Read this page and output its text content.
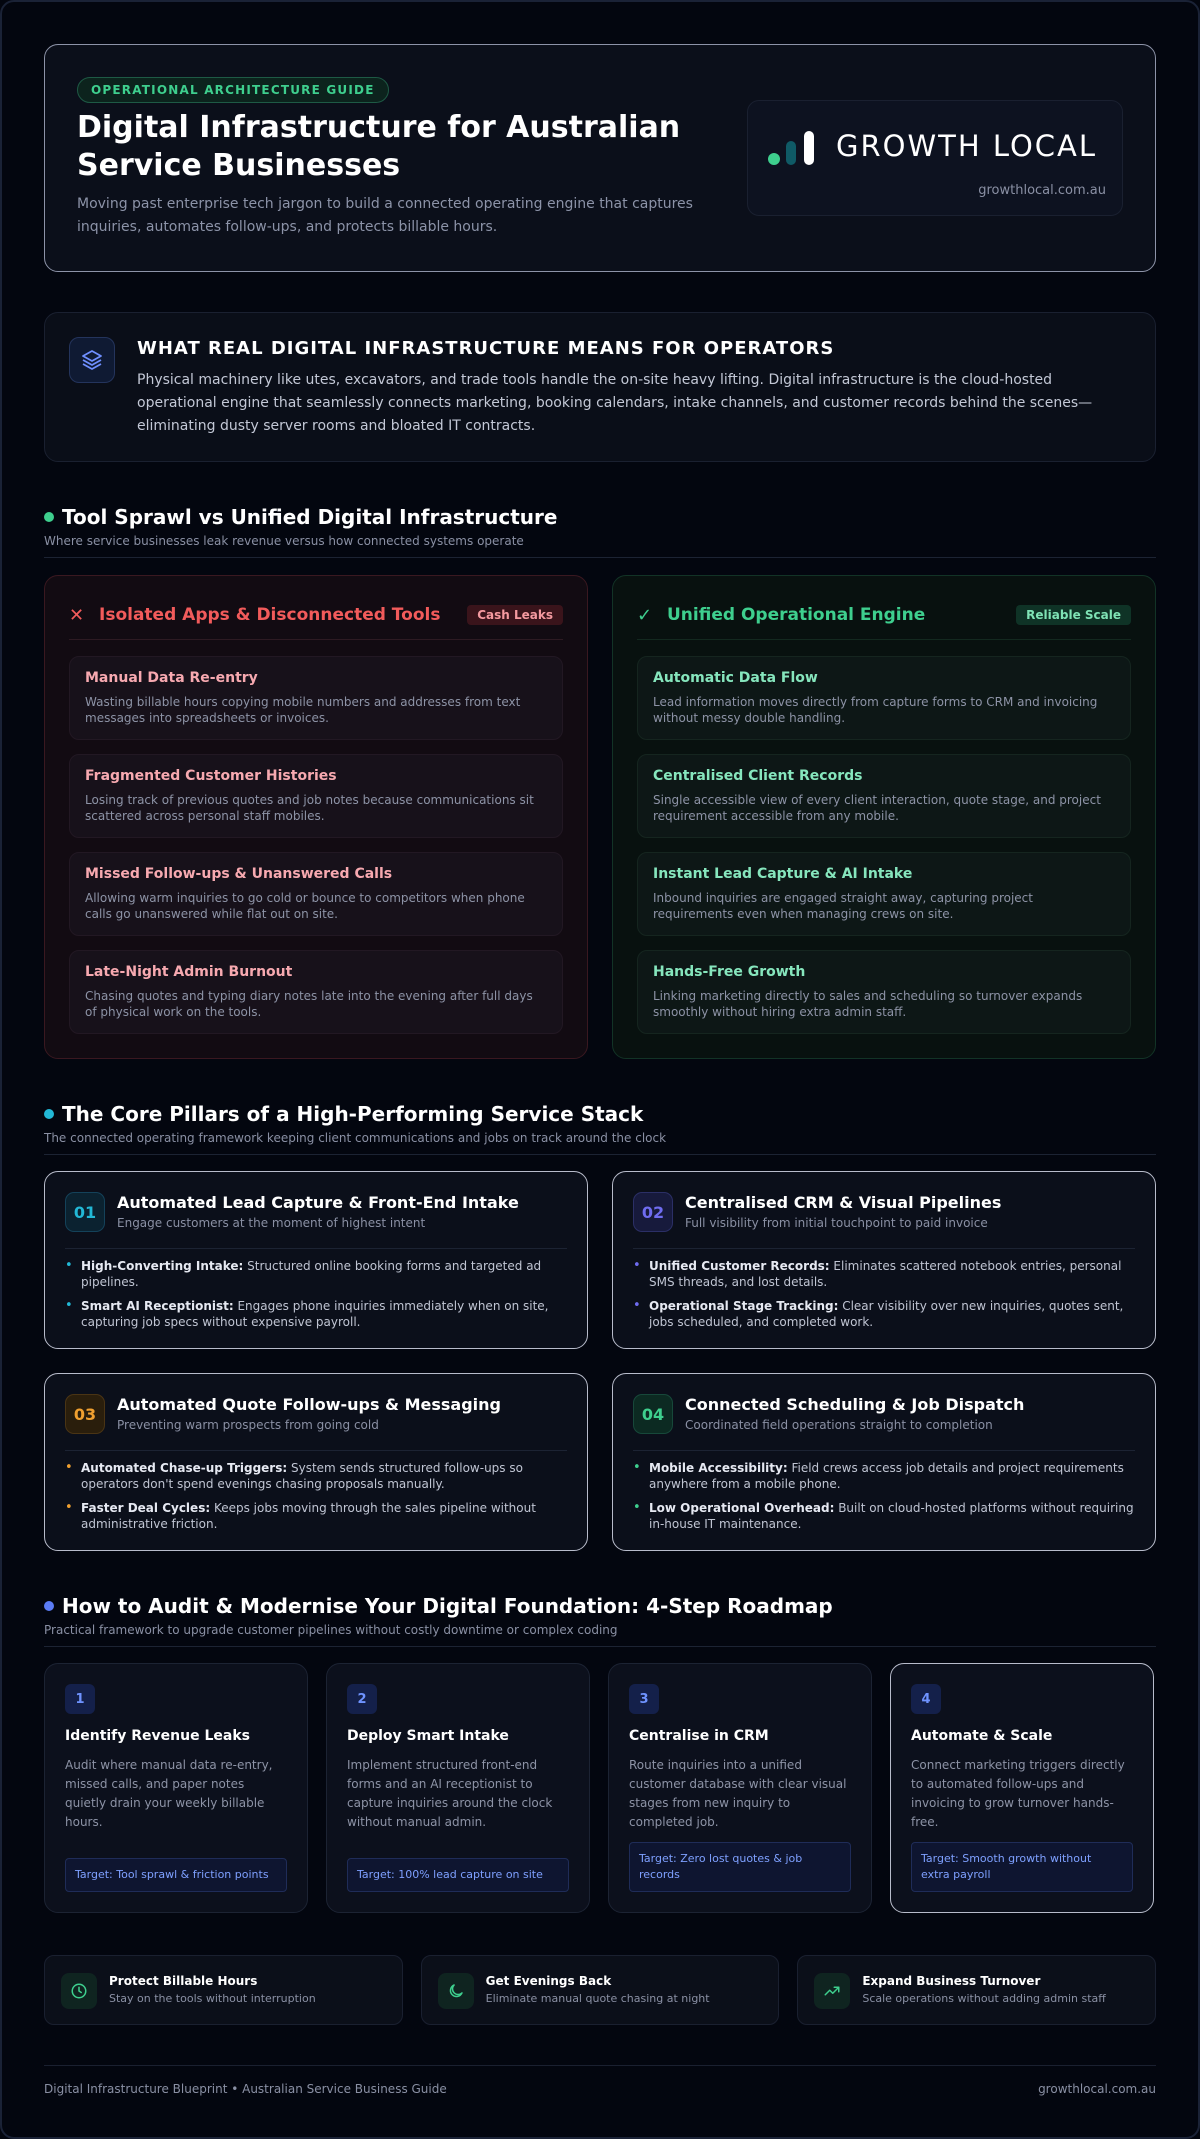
OPERATIONAL ARCHITECTURE GUIDE
Digital Infrastructure for Australian Service Businesses

Moving past enterprise tech jargon to build a connected operating engine that captures inquiries, automates follow-ups, and protects billable hours.

GROWTH LOCAL
growthlocal.com.au
WHAT REAL DIGITAL INFRASTRUCTURE MEANS FOR OPERATORS

Physical machinery like utes, excavators, and trade tools handle the on-site heavy lifting. Digital infrastructure is the cloud-hosted operational engine that seamlessly connects marketing, booking calendars, intake channels, and customer records behind the scenes—eliminating dusty server rooms and bloated IT contracts.

Tool Sprawl vs Unified Digital Infrastructure
Where service businesses leak revenue versus how connected systems operate
✕ Isolated Apps & Disconnected Tools	Cash Leaks
Manual Data Re-entry
Wasting billable hours copying mobile numbers and addresses from text messages into spreadsheets or invoices.
Fragmented Customer Histories
Losing track of previous quotes and job notes because communications sit scattered across personal staff mobiles.
Missed Follow-ups & Unanswered Calls
Allowing warm inquiries to go cold or bounce to competitors when phone calls go unanswered while flat out on site.
Late-Night Admin Burnout
Chasing quotes and typing diary notes late into the evening after full days of physical work on the tools.
✓ Unified Operational Engine	Reliable Scale
Automatic Data Flow
Lead information moves directly from capture forms to CRM and invoicing without messy double handling.
Centralised Client Records
Single accessible view of every client interaction, quote stage, and project requirement accessible from any mobile.
Instant Lead Capture & AI Intake
Inbound inquiries are engaged straight away, capturing project requirements even when managing crews on site.
Hands-Free Growth
Linking marketing directly to sales and scheduling so turnover expands smoothly without hiring extra admin staff.
The Core Pillars of a High-Performing Service Stack
The connected operating framework keeping client communications and jobs on track around the clock
01	Automated Lead Capture & Front-End Intake
Engage customers at the moment of highest intent
• High-Converting Intake: Structured online booking forms and targeted ad pipelines.
• Smart AI Receptionist: Engages phone inquiries immediately when on site, capturing job specs without expensive payroll.
02	Centralised CRM & Visual Pipelines
Full visibility from initial touchpoint to paid invoice
• Unified Customer Records: Eliminates scattered notebook entries, personal SMS threads, and lost details.
• Operational Stage Tracking: Clear visibility over new inquiries, quotes sent, jobs scheduled, and completed work.
03	Automated Quote Follow-ups & Messaging
Preventing warm prospects from going cold
• Automated Chase-up Triggers: System sends structured follow-ups so operators don't spend evenings chasing proposals manually.
• Faster Deal Cycles: Keeps jobs moving through the sales pipeline without administrative friction.
04	Connected Scheduling & Job Dispatch
Coordinated field operations straight to completion
• Mobile Accessibility: Field crews access job details and project requirements anywhere from a mobile phone.
• Low Operational Overhead: Built on cloud-hosted platforms without requiring in-house IT maintenance.
How to Audit & Modernise Your Digital Foundation: 4-Step Roadmap
Practical framework to upgrade customer pipelines without costly downtime or complex coding
1
Identify Revenue Leaks
Audit where manual data re-entry, missed calls, and paper notes quietly drain your weekly billable hours.
Target: Tool sprawl & friction points
2
Deploy Smart Intake
Implement structured front-end forms and an AI receptionist to capture inquiries around the clock without manual admin.
Target: 100% lead capture on site
3
Centralise in CRM
Route inquiries into a unified customer database with clear visual stages from new inquiry to completed job.
Target: Zero lost quotes & job records
4
Automate & Scale
Connect marketing triggers directly to automated follow-ups and invoicing to grow turnover hands-free.
Target: Smooth growth without extra payroll
Protect Billable Hours
Stay on the tools without interruption
Get Evenings Back
Eliminate manual quote chasing at night
Expand Business Turnover
Scale operations without adding admin staff
Digital Infrastructure Blueprint • Australian Service Business Guide	growthlocal.com.au
